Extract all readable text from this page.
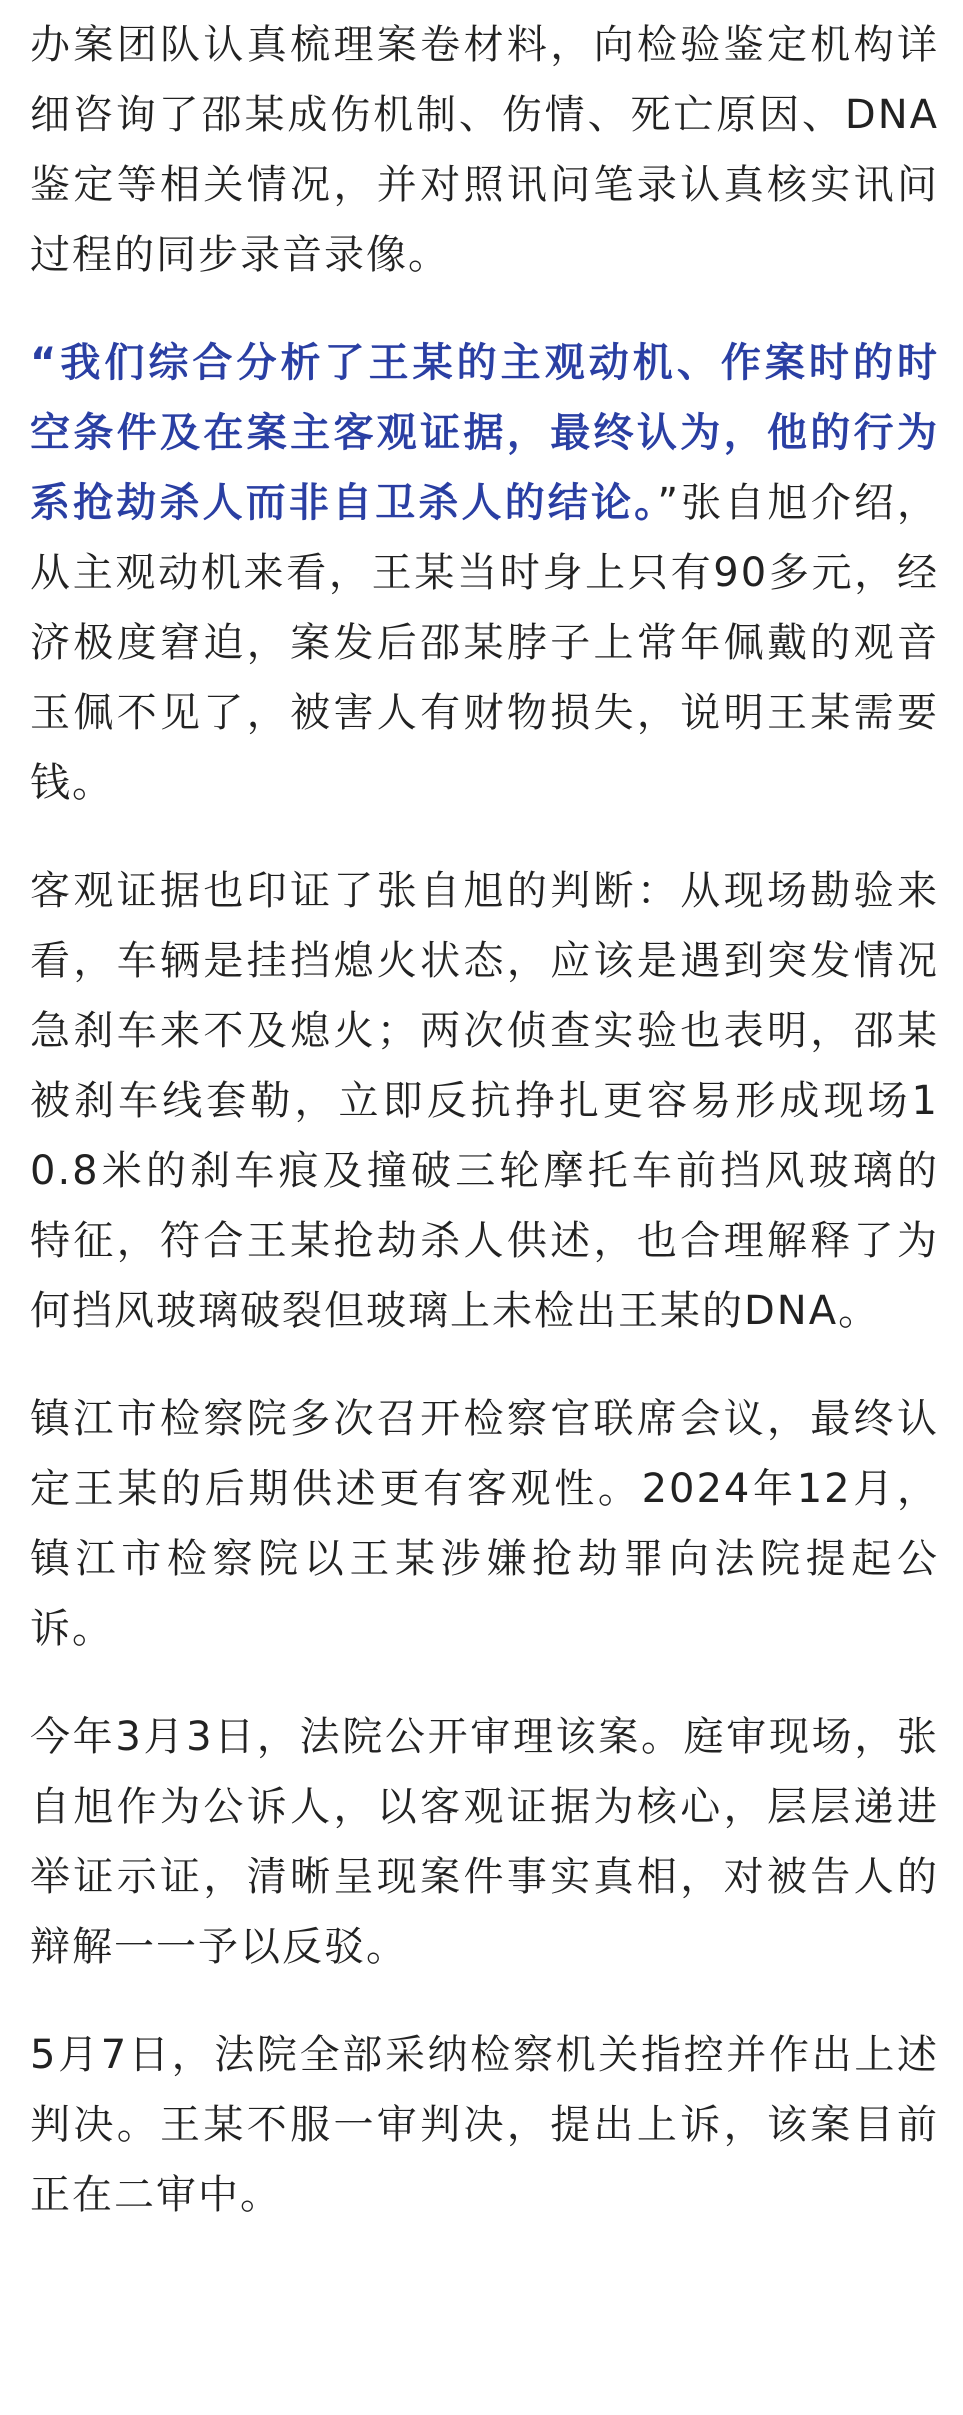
办案团队认真梳理案卷材料，向检验鉴定机构详细咨询了邵某成伤机制、伤情、死亡原因、DNA鉴定等相关情况，并对照讯问笔录认真核实讯问过程的同步录音录像。

“我们综合分析了王某的主观动机、作案时的时空条件及在案主客观证据，最终认为，他的行为系抢劫杀人而非自卫杀人的结论。”张自旭介绍，从主观动机来看，王某当时身上只有90多元，经济极度窘迫，案发后邵某脖子上常年佩戴的观音玉佩不见了，被害人有财物损失，说明王某需要钱。

客观证据也印证了张自旭的判断：从现场勘验来看，车辆是挂挡熄火状态，应该是遇到突发情况急刹车来不及熄火；两次侦查实验也表明，邵某被刹车线套勒，立即反抗挣扎更容易形成现场10.8米的刹车痕及撞破三轮摩托车前挡风玻璃的特征，符合王某抢劫杀人供述，也合理解释了为何挡风玻璃破裂但玻璃上未检出王某的DNA。

镇江市检察院多次召开检察官联席会议，最终认定王某的后期供述更有客观性。2024年12月，镇江市检察院以王某涉嫌抢劫罪向法院提起公诉。

今年3月3日，法院公开审理该案。庭审现场，张自旭作为公诉人，以客观证据为核心，层层递进举证示证，清晰呈现案件事实真相，对被告人的辩解一一予以反驳。

5月7日，法院全部采纳检察机关指控并作出上述判决。王某不服一审判决，提出上诉，该案目前正在二审中。
